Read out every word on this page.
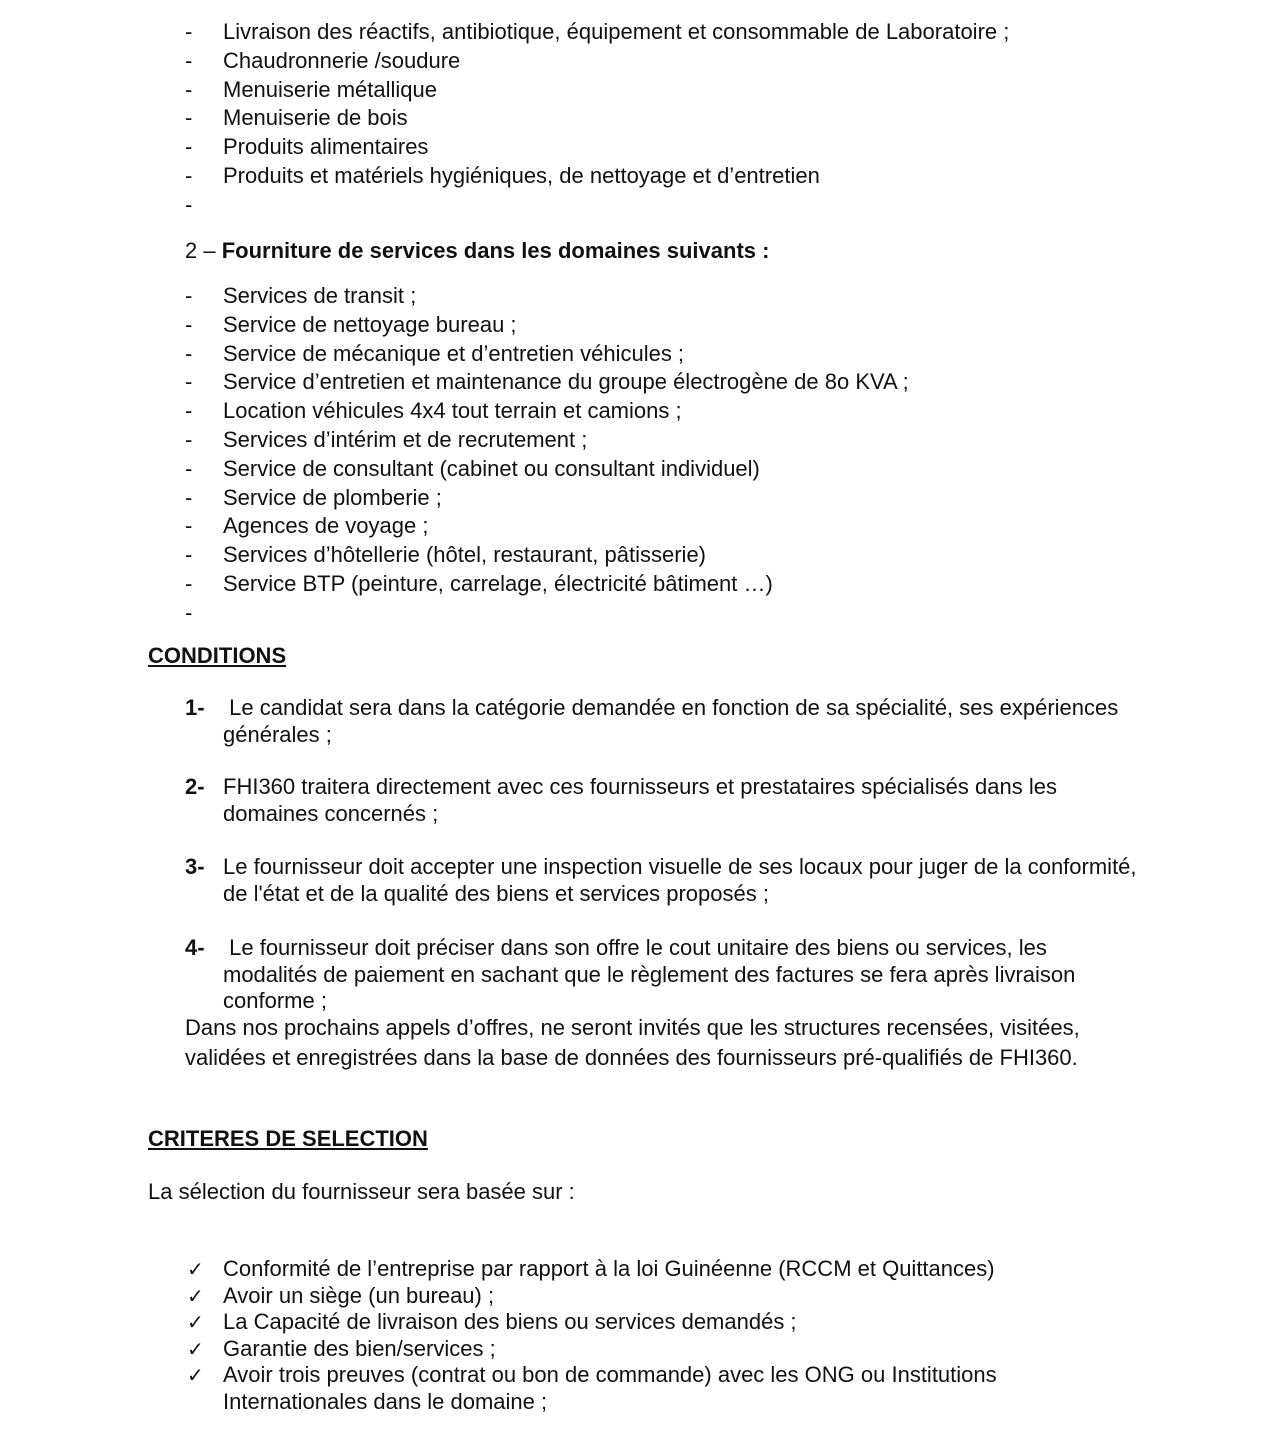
- Livraison des réactifs, antibiotique, équipement et consommable de Laboratoire ;
- Chaudronnerie /soudure
- Menuiserie métallique
- Menuiserie de bois
- Produits alimentaires
- Produits et matériels hygiéniques, de nettoyage et d’entretien
-
2 – Fourniture de services dans les domaines suivants :
- Services de transit ;
- Service de nettoyage bureau ;
- Service de mécanique et d’entretien véhicules ;
- Service d’entretien et maintenance du groupe électrogène de 8o KVA ;
- Location véhicules 4x4 tout terrain et camions ;
- Services d’intérim et de recrutement ;
- Service de consultant (cabinet ou consultant individuel)
- Service de plomberie ;
- Agences de voyage ;
- Services d’hôtellerie (hôtel, restaurant, pâtisserie)
- Service BTP (peinture, carrelage, électricité bâtiment …)
-
CONDITIONS
1- Le candidat sera dans la catégorie demandée en fonction de sa spécialité, ses expériences générales ;
2- FHI360 traitera directement avec ces fournisseurs et prestataires spécialisés dans les domaines concernés ;
3- Le fournisseur doit accepter une inspection visuelle de ses locaux pour juger de la conformité, de l'état et de la qualité des biens et services proposés ;
4- Le fournisseur doit préciser dans son offre le cout unitaire des biens ou services, les modalités de paiement en sachant que le règlement des factures se fera après livraison conforme ;
Dans nos prochains appels d’offres, ne seront invités que les structures recensées, visitées, validées et enregistrées dans la base de données des fournisseurs pré-qualifiés de FHI360.
CRITERES DE SELECTION
La sélection du fournisseur sera basée sur :
✓ Conformité de l’entreprise par rapport à la loi Guinéenne (RCCM et Quittances)
✓ Avoir un siège (un bureau) ;
✓ La Capacité de livraison des biens ou services demandés ;
✓ Garantie des bien/services ;
✓ Avoir trois preuves (contrat ou bon de commande) avec les ONG ou Institutions Internationales dans le domaine ;
